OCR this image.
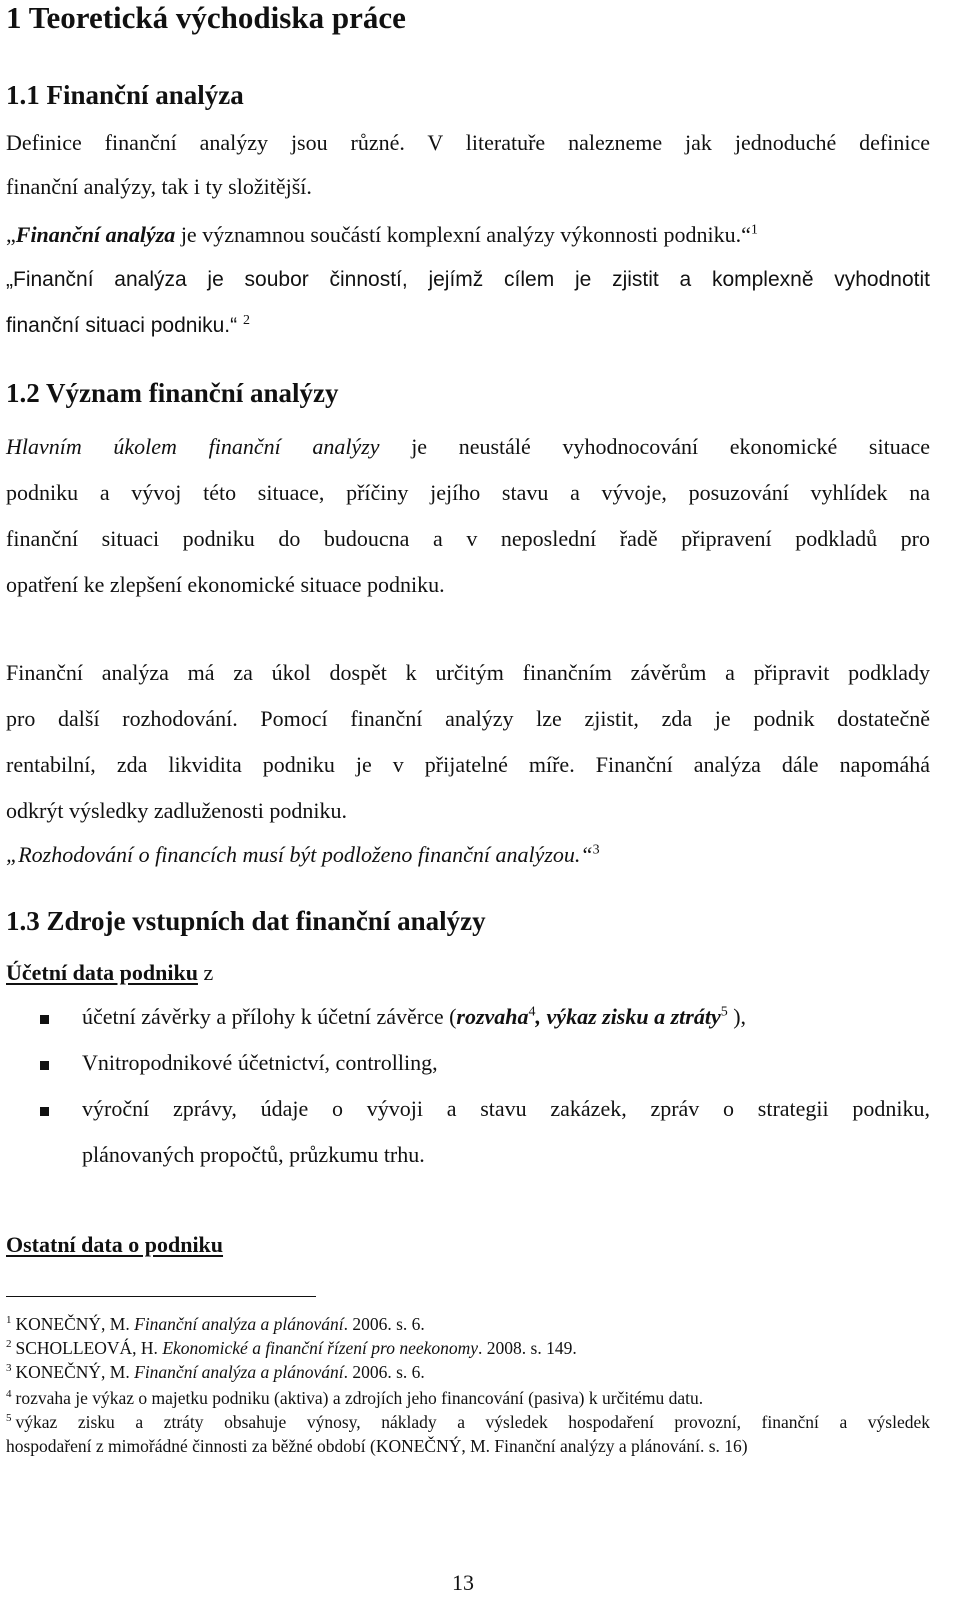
1 Teoretická východiska práce
1.1 Finanční analýza
Definice finanční analýzy jsou různé. V literatuře nalezneme jak jednoduché definice
finanční analýzy, tak i ty složitější.
„Finanční analýza je významnou součástí komplexní analýzy výkonnosti podniku.“$^1$
„Finanční analýza je soubor činností, jejímž cílem je zjistit a komplexně vyhodnotit
finanční situaci podniku.“ $^2$
1.2 Význam finanční analýzy
Hlavním úkolem finanční analýzy je neustálé vyhodnocování ekonomické situace
podniku a vývoj této situace, příčiny jejího stavu a vývoje, posuzování vyhlídek na
finanční situaci podniku do budoucna a v neposlední řadě připravení podkladů pro
opatření ke zlepšení ekonomické situace podniku.
Finanční analýza má za úkol dospět k určitým finančním závěrům a připravit podklady
pro další rozhodování. Pomocí finanční analýzy lze zjistit, zda je podnik dostatečně
rentabilní, zda likvidita podniku je v přijatelné míře. Finanční analýza dále napomáhá
odkrýt výsledky zadluženosti podniku.
„Rozhodování o financích musí být podloženo finanční analýzou.“$^3$
1.3 Zdroje vstupních dat finanční analýzy
Účetní data podniku z
účetní závěrky a přílohy k účetní závěrce (rozvaha$^4$, výkaz zisku a ztráty$^5$ ),
Vnitropodnikové účetnictví, controlling,
výroční zprávy, údaje o vývoji a stavu zakázek, zpráv o strategii podniku,
plánovaných propočtů, průzkumu trhu.
Ostatní data o podniku
$^1$ KONEČNÝ, M. Finanční analýza a plánování. 2006. s. 6.
$^2$ SCHOLLEOVÁ, H. Ekonomické a finanční řízení pro neekonomy. 2008. s. 149.
$^3$ KONEČNÝ, M. Finanční analýza a plánování. 2006. s. 6.
$^4$ rozvaha je výkaz o majetku podniku (aktiva) a zdrojích jeho financování (pasiva) k určitému datu.
$^5$ výkaz zisku a ztráty obsahuje výnosy, náklady a výsledek hospodaření provozní, finanční a výsledek
hospodaření z mimořádné činnosti za běžné období (KONEČNÝ, M. Finanční analýzy a plánování. s. 16)
13
